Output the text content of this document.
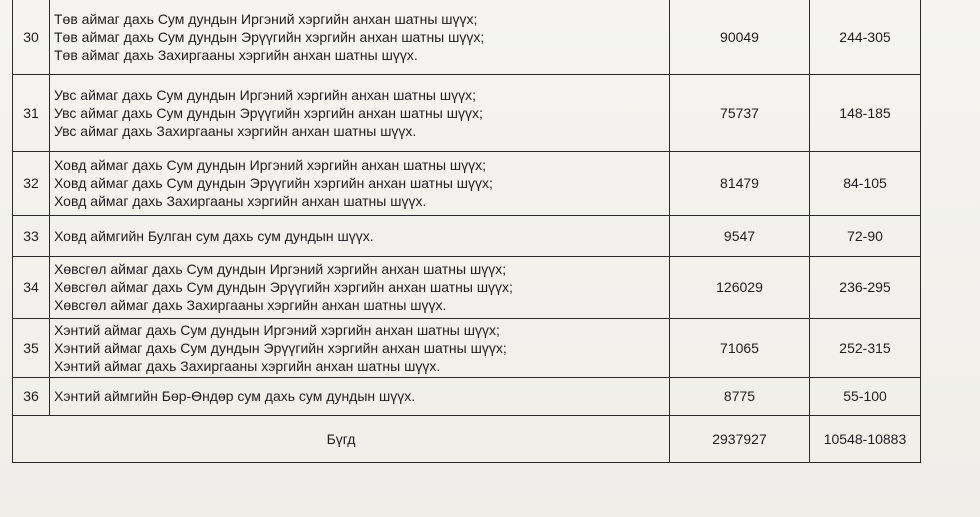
30	Төв аймаг дахь Сум дундын Иргэний хэргийн анхан шатны шүүх;
Төв аймаг дахь Сум дундын Эрүүгийн хэргийн анхан шатны шүүх;
Төв аймаг дахь Захиргааны хэргийн анхан шатны шүүх.	90049	244-305
31	Увс аймаг дахь Сум дундын Иргэний хэргийн анхан шатны шүүх;
Увс аймаг дахь Сум дундын Эрүүгийн хэргийн анхан шатны шүүх;
Увс аймаг дахь Захиргааны хэргийн анхан шатны шүүх.	75737	148-185
32	Ховд аймаг дахь Сум дундын Иргэний хэргийн анхан шатны шүүх;
Ховд аймаг дахь Сум дундын Эрүүгийн хэргийн анхан шатны шүүх;
Ховд аймаг дахь Захиргааны хэргийн анхан шатны шүүх.	81479	84-105
33	Ховд аймгийн Булган сум дахь сум дундын шүүх.	9547	72-90
34	Хөвсгөл аймаг дахь Сум дундын Иргэний хэргийн анхан шатны шүүх;
Хөвсгөл аймаг дахь Сум дундын Эрүүгийн хэргийн анхан шатны шүүх;
Хөвсгөл аймаг дахь Захиргааны хэргийн анхан шатны шүүх.	126029	236-295
35	Хэнтий аймаг дахь Сум дундын Иргэний хэргийн анхан шатны шүүх;
Хэнтий аймаг дахь Сум дундын Эрүүгийн хэргийн анхан шатны шүүх;
Хэнтий аймаг дахь Захиргааны хэргийн анхан шатны шүүх.	71065	252-315
36	Хэнтий аймгийн Бөр-Өндөр сум дахь сум дундын шүүх.	8775	55-100
Бүгд		2937927	10548-10883
